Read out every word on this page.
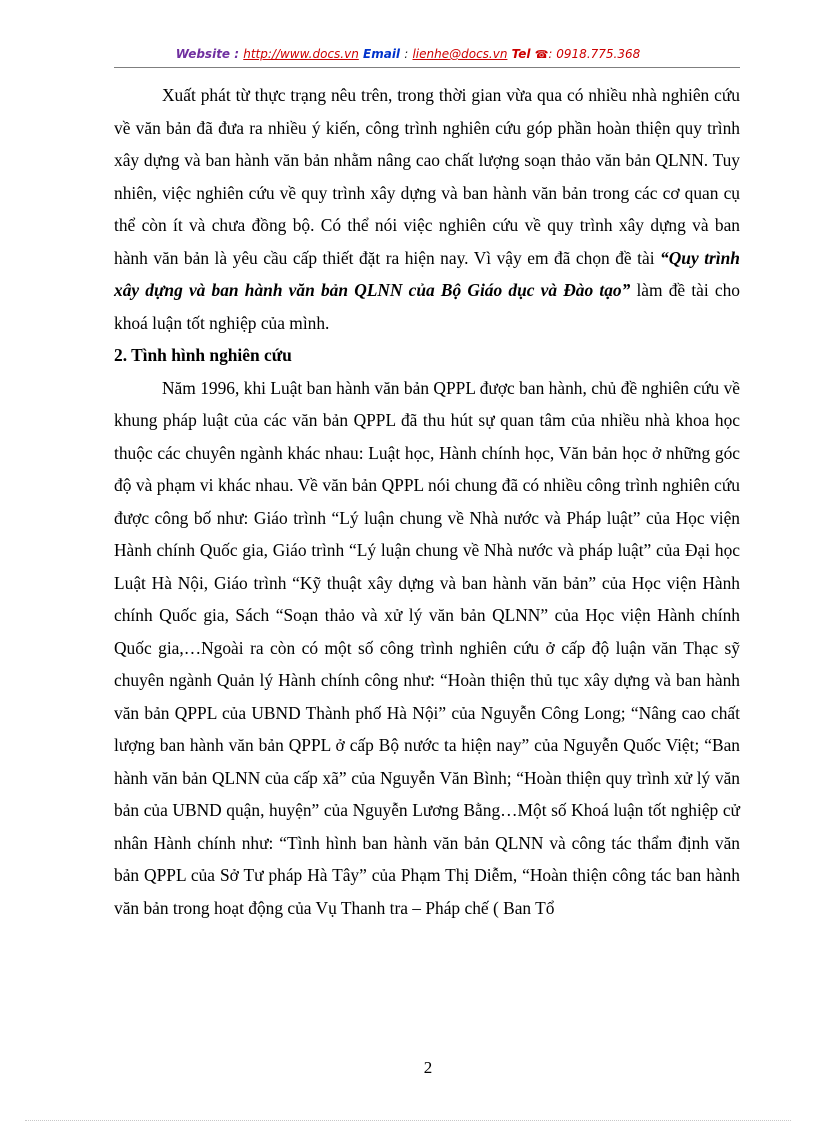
Website : http://www.docs.vn Email : lienhe@docs.vn Tel ☎: 0918.775.368

Xuất phát từ thực trạng nêu trên, trong thời gian vừa qua có nhiều nhà nghiên cứu về văn bản đã đưa ra nhiều ý kiến, công trình nghiên cứu góp phần hoàn thiện quy trình xây dựng và ban hành văn bản nhằm nâng cao chất lượng soạn thảo văn bản QLNN. Tuy nhiên, việc nghiên cứu về quy trình xây dựng và ban hành văn bản trong các cơ quan cụ thể còn ít và chưa đồng bộ. Có thể nói việc nghiên cứu về quy trình xây dựng và ban hành văn bản là yêu cầu cấp thiết đặt ra hiện nay. Vì vậy em đã chọn đề tài “Quy trình xây dựng và ban hành văn bản QLNN của Bộ Giáo dục và Đào tạo” làm đề tài cho khoá luận tốt nghiệp của mình.

2. Tình hình nghiên cứu

Năm 1996, khi Luật ban hành văn bản QPPL được ban hành, chủ đề nghiên cứu về khung pháp luật của các văn bản QPPL đã thu hút sự quan tâm của nhiều nhà khoa học thuộc các chuyên ngành khác nhau: Luật học, Hành chính học, Văn bản học ở những góc độ và phạm vi khác nhau. Về văn bản QPPL nói chung đã có nhiều công trình nghiên cứu được công bố như: Giáo trình “Lý luận chung về Nhà nước và Pháp luật” của Học viện Hành chính Quốc gia, Giáo trình “Lý luận chung về Nhà nước và pháp luật” của Đại học Luật Hà Nội, Giáo trình “Kỹ thuật xây dựng và ban hành văn bản” của Học viện Hành chính Quốc gia, Sách “Soạn thảo và xử lý văn bản QLNN” của Học viện Hành chính Quốc gia,…Ngoài ra còn có một số công trình nghiên cứu ở cấp độ luận văn Thạc sỹ chuyên ngành Quản lý Hành chính công như: “Hoàn thiện thủ tục xây dựng và ban hành văn bản QPPL của UBND Thành phố Hà Nội” của Nguyễn Công Long; “Nâng cao chất lượng ban hành văn bản QPPL ở cấp Bộ nước ta hiện nay” của Nguyễn Quốc Việt; “Ban hành văn bản QLNN của cấp xã” của Nguyễn Văn Bình; “Hoàn thiện quy trình xử lý văn bản của UBND quận, huyện” của Nguyễn Lương Bằng…Một số Khoá luận tốt nghiệp cử nhân Hành chính như: “Tình hình ban hành văn bản QLNN và công tác thẩm định văn bản QPPL của Sở Tư pháp Hà Tây” của Phạm Thị Diễm, “Hoàn thiện công tác ban hành văn bản trong hoạt động của Vụ Thanh tra – Pháp chế ( Ban Tổ

2
